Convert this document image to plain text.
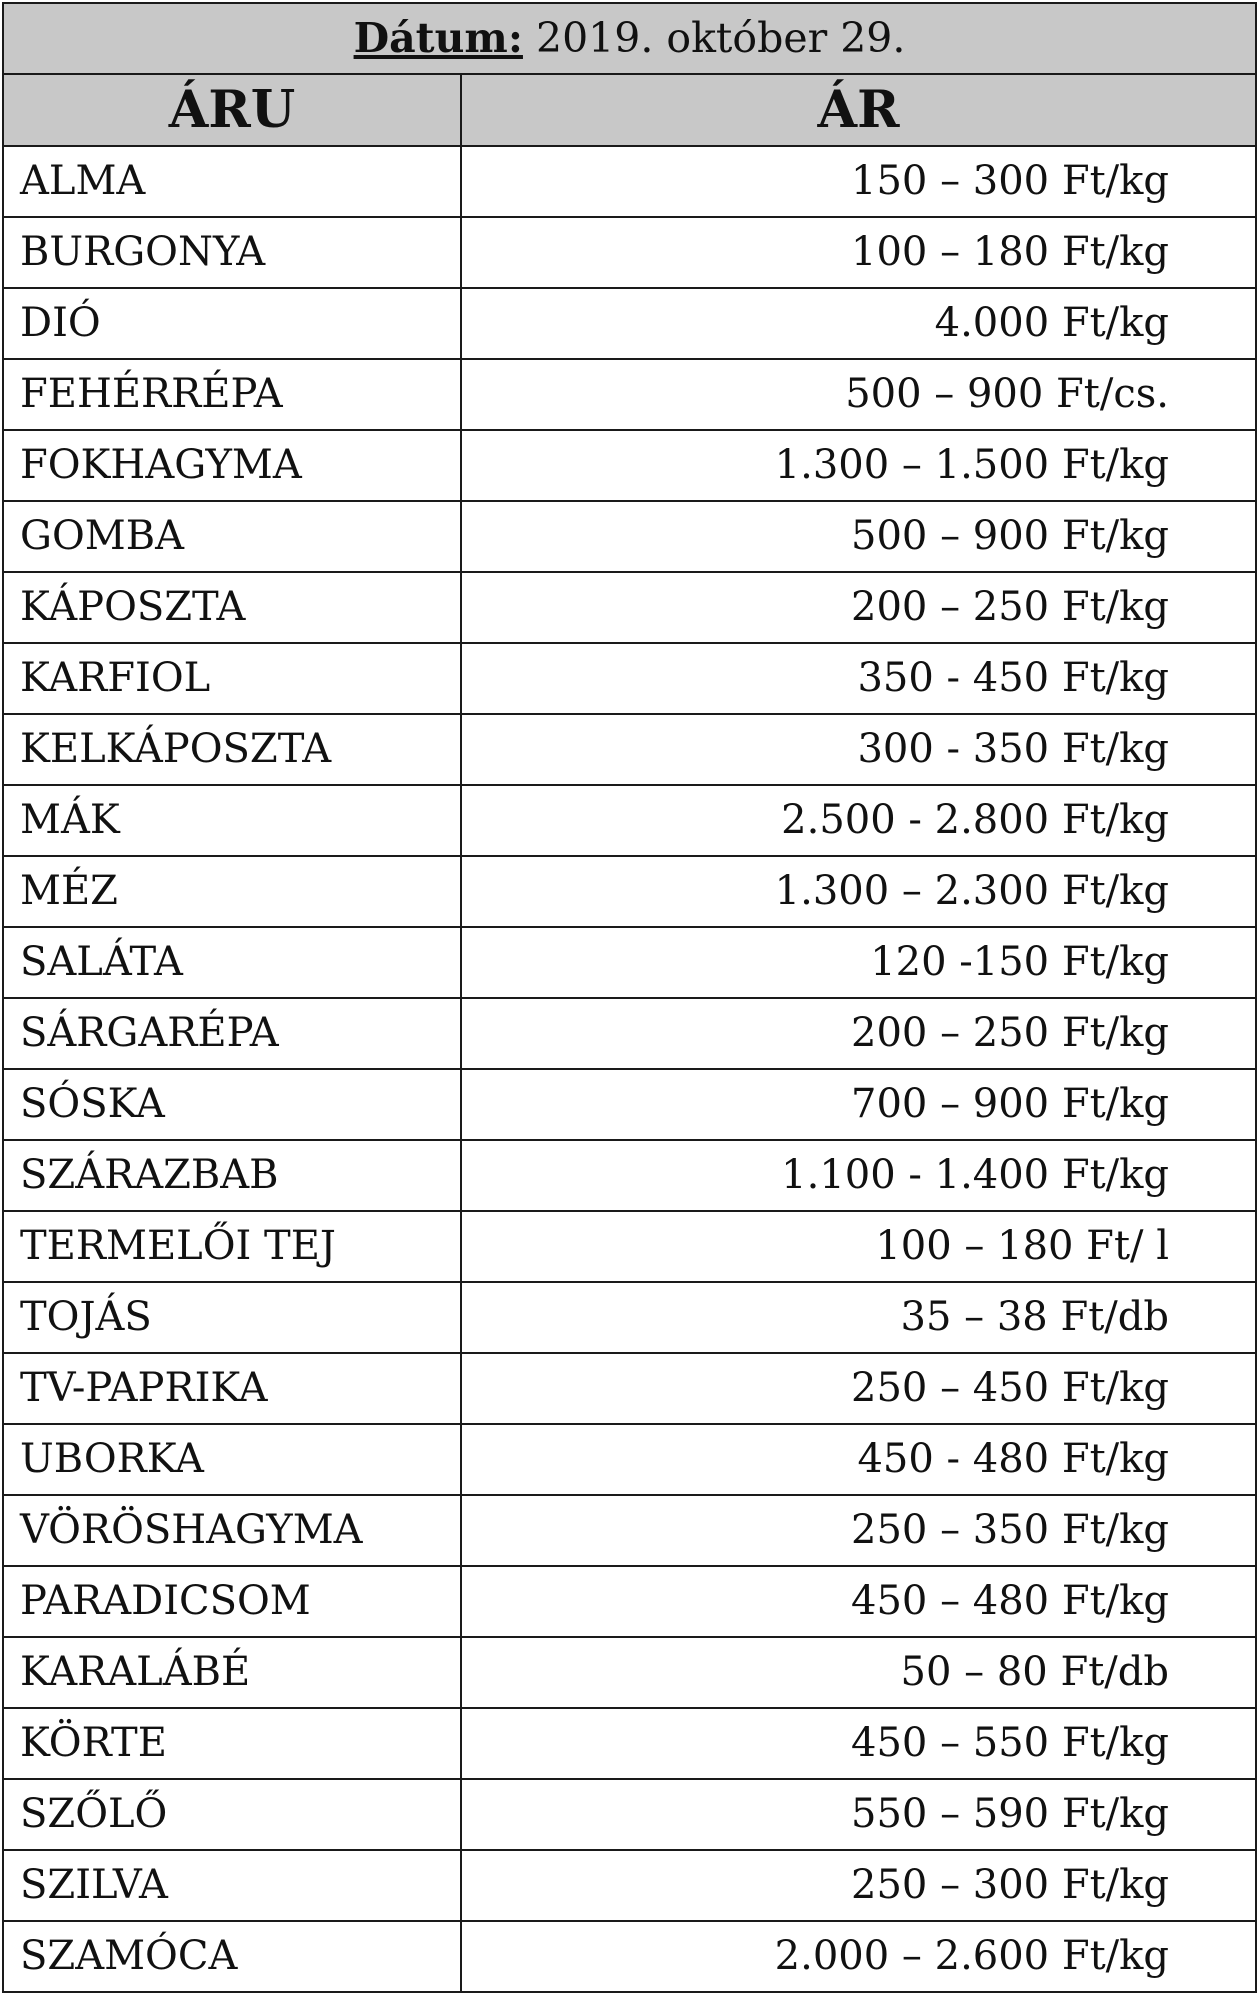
Dátum: 2019. október 29.	
ÁRU	ÁR
ALMA	150 – 300 Ft/kg
BURGONYA	100 – 180 Ft/kg
DIÓ	4.000 Ft/kg
FEHÉRRÉPA	500 – 900 Ft/cs.
FOKHAGYMA	1.300 – 1.500 Ft/kg
GOMBA	500 – 900 Ft/kg
KÁPOSZTA	200 – 250 Ft/kg
KARFIOL	350 - 450 Ft/kg
KELKÁPOSZTA	300 - 350 Ft/kg
MÁK	2.500 - 2.800 Ft/kg
MÉZ	1.300 – 2.300 Ft/kg
SALÁTA	120 -150 Ft/kg
SÁRGARÉPA	200 – 250 Ft/kg
SÓSKA	700 – 900 Ft/kg
SZÁRAZBAB	1.100 - 1.400 Ft/kg
TERMELŐI TEJ	100 – 180 Ft/ l
TOJÁS	35 – 38 Ft/db
TV-PAPRIKA	250 – 450 Ft/kg
UBORKA	450 - 480 Ft/kg
VÖRÖSHAGYMA	250 – 350 Ft/kg
PARADICSOM	450 – 480 Ft/kg
KARALÁBÉ	50 – 80 Ft/db
KÖRTE	450 – 550 Ft/kg
SZŐLŐ	550 – 590 Ft/kg
SZILVA	250 – 300 Ft/kg
SZAMÓCA	2.000 – 2.600 Ft/kg
